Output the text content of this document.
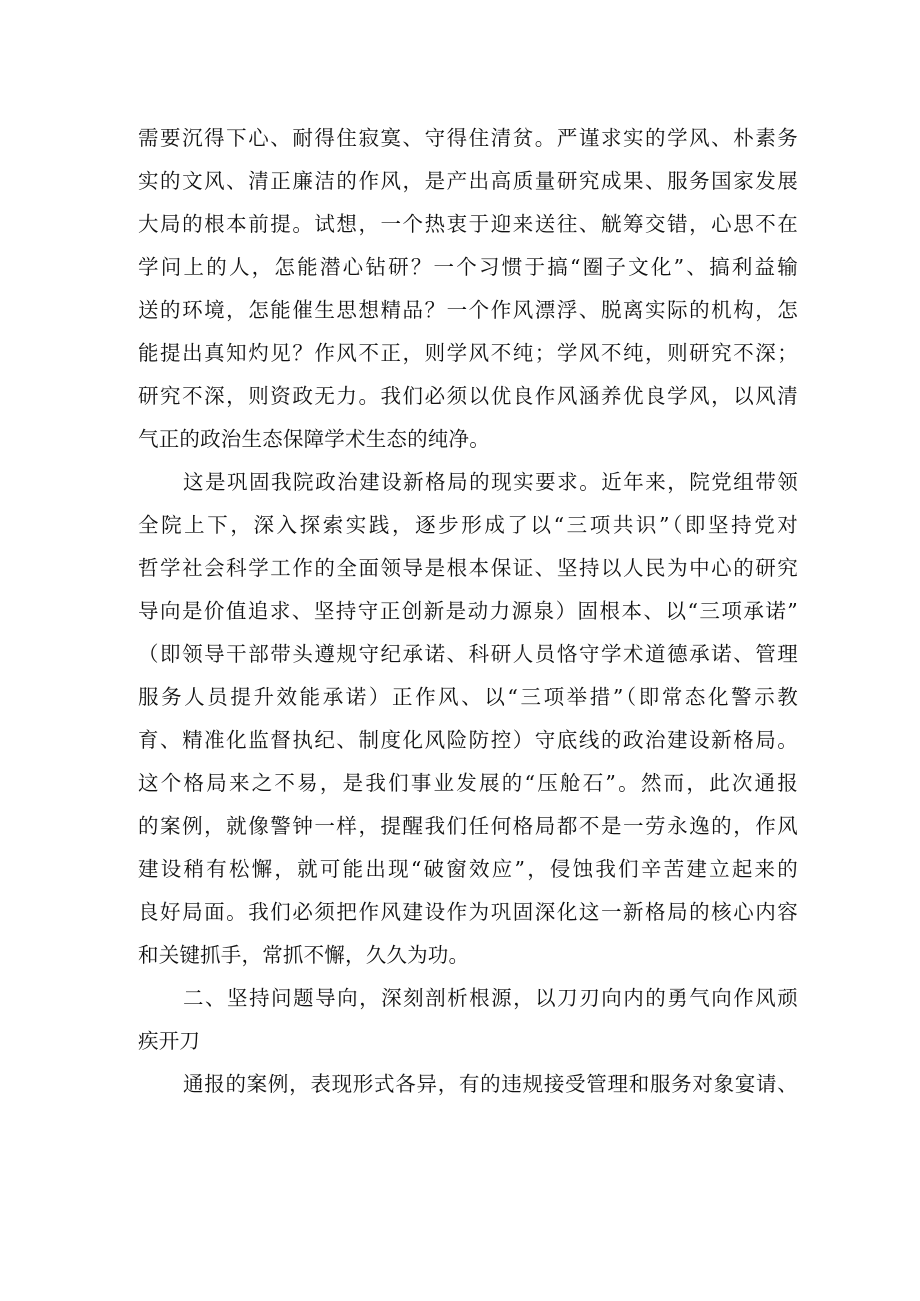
需要沉得下心、耐得住寂寞、守得住清贫。严谨求实的学风、朴素务
实的文风、清正廉洁的作风，是产出高质量研究成果、服务国家发展
大局的根本前提。试想，一个热衷于迎来送往、觥筹交错，心思不在
学问上的人，怎能潜心钻研？一个习惯于搞“圈子文化”、搞利益输
送的环境，怎能催生思想精品？一个作风漂浮、脱离实际的机构，怎
能提出真知灼见？作风不正，则学风不纯；学风不纯，则研究不深；
研究不深，则资政无力。我们必须以优良作风涵养优良学风，以风清
气正的政治生态保障学术生态的纯净。
这是巩固我院政治建设新格局的现实要求。近年来，院党组带领
全院上下，深入探索实践，逐步形成了以“三项共识”（即坚持党对
哲学社会科学工作的全面领导是根本保证、坚持以人民为中心的研究
导向是价值追求、坚持守正创新是动力源泉）固根本、以“三项承诺”
（即领导干部带头遵规守纪承诺、科研人员恪守学术道德承诺、管理
服务人员提升效能承诺）正作风、以“三项举措”（即常态化警示教
育、精准化监督执纪、制度化风险防控）守底线的政治建设新格局。
这个格局来之不易，是我们事业发展的“压舱石”。然而，此次通报
的案例，就像警钟一样，提醒我们任何格局都不是一劳永逸的，作风
建设稍有松懈，就可能出现“破窗效应”，侵蚀我们辛苦建立起来的
良好局面。我们必须把作风建设作为巩固深化这一新格局的核心内容
和关键抓手，常抓不懈，久久为功。
二、坚持问题导向，深刻剖析根源，以刀刃向内的勇气向作风顽
疾开刀
通报的案例，表现形式各异，有的违规接受管理和服务对象宴请、
